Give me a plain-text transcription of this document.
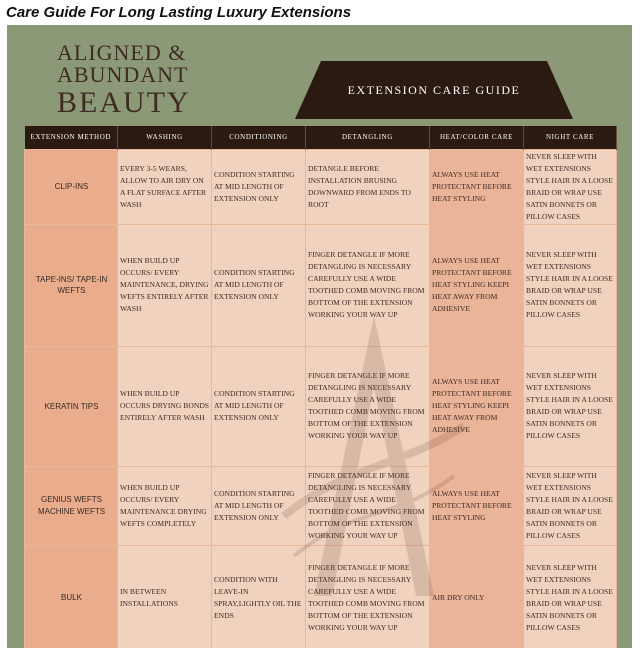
Care Guide For Long Lasting Luxury Extensions
ALIGNED &
ABUNDANT
BEAUTY	EXTENSION CARE GUIDE
EXTENSION METHOD	WASHING	CONDITIONING	DETANGLING	HEAT/COLOR CARE	NIGHT CARE
CLIP-INS	EVERY 3-5 WEARS, ALLOW TO AIR DRY ON A FLAT SURFACE AFTER WASH	CONDITION STARTING AT MID LENGTH OF EXTENSION ONLY	DETANGLE BEFORE INSTALLATION BRUSING DOWNWARD FROM ENDS TO ROOT	ALWAYS USE HEAT PROTECTANT BEFORE HEAT STYLING	NEVER SLEEP WITH WET EXTENSIONS STYLE HAIR IN A LOOSE BRAID OR WRAP USE SATIN BONNETS OR PILLOW CASES
TAPE-INS/ TAPE-IN WEFTS	WHEN BUILD UP OCCURS/ EVERY MAINTENANCE, DRYING WEFTS ENTIRELY AFTER WASH	CONDITION STARTING AT MID LENGTH OF EXTENSION ONLY	FINGER DETANGLE IF MORE DETANGLING IS NECESSARY CAREFULLY USE A WIDE TOOTHED COMB MOVING FROM BOTTOM OF THE EXTENSION WORKING YOUR WAY UP	ALWAYS USE HEAT PROTECTANT BEFORE HEAT STYLING KEEPI HEAT AWAY FROM ADHESIVE	NEVER SLEEP WITH WET EXTENSIONS STYLE HAIR IN A LOOSE BRAID OR WRAP USE SATIN BONNETS OR PILLOW CASES
KERATIN TIPS	WHEN BUILD UP OCCURS DRYING BONDS ENTIRELY AFTER WASH	CONDITION STARTING AT MID LENGTH OF EXTENSION ONLY	FINGER DETANGLE IF MORE DETANGLING IS NECESSARY CAREFULLY USE A WIDE TOOTHED COMB MOVING FROM BOTTOM OF THE EXTENSION WORKING YOUR WAY UP	ALWAYS USE HEAT PROTECTANT BEFORE HEAT STYLING KEEPI HEAT AWAY FROM ADHESIVE	NEVER SLEEP WITH WET EXTENSIONS STYLE HAIR IN A LOOSE BRAID OR WRAP USE SATIN BONNETS OR PILLOW CASES
GENIUS WEFTS MACHINE WEFTS	WHEN BUILD UP OCCURS/ EVERY MAINTENANCE DRYING WEFTS COMPLETELY	CONDITION STARTING AT MID LENGTH OF EXTENSION ONLY	FINGER DETANGLE IF MORE DETANGLING IS NECESSARY CAREFULLY USE A WIDE TOOTHED COMB MOVING FROM BOTTOM OF THE EXTENSION WORKING YOUR WAY UP	ALWAYS USE HEAT PROTECTANT BEFORE HEAT STYLING	NEVER SLEEP WITH WET EXTENSIONS STYLE HAIR IN A LOOSE BRAID OR WRAP USE SATIN BONNETS OR PILLOW CASES
BULK	IN BETWEEN INSTALLATIONS	CONDITION WITH LEAVE-IN SPRAY,LIGHTLY OIL THE ENDS	FINGER DETANGLE IF MORE DETANGLING IS NECESSARY CAREFULLY USE A WIDE TOOTHED COMB MOVING FROM BOTTOM OF THE EXTENSION WORKING YOUR WAY UP	AIR DRY ONLY	NEVER SLEEP WITH WET EXTENSIONS STYLE HAIR IN A LOOSE BRAID OR WRAP USE SATIN BONNETS OR PILLOW CASES
